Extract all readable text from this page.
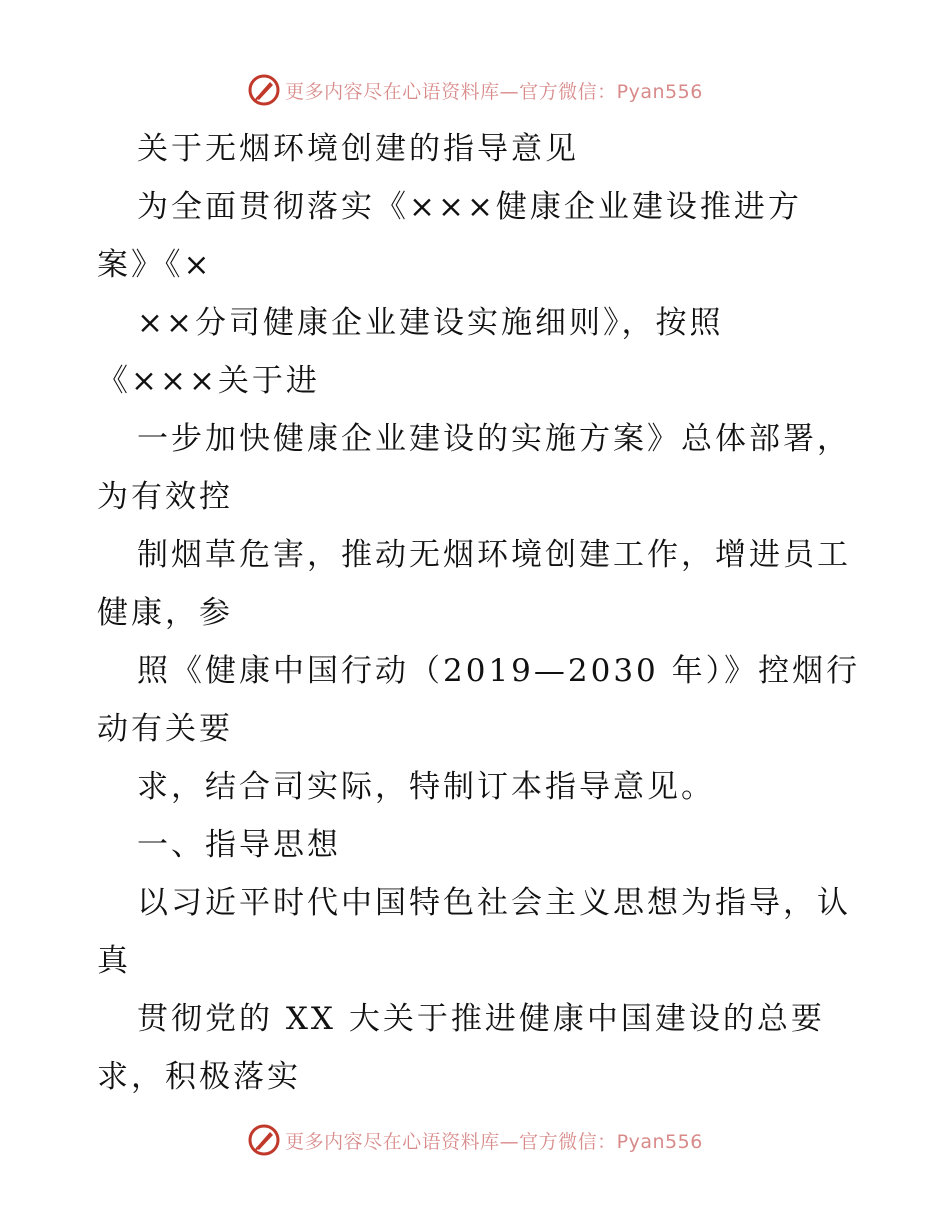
更多内容尽在心语资料库—官方微信：Pyan556
关于无烟环境创建的指导意见
为全面贯彻落实《×××健康企业建设推进方
案》《×
××分司健康企业建设实施细则》，按照
《×××关于进
一步加快健康企业建设的实施方案》总体部署，
为有效控
制烟草危害，推动无烟环境创建工作，增进员工
健康，参
照《健康中国行动（2019—2030 年）》控烟行
动有关要
求，结合司实际，特制订本指导意见。
一、指导思想
以习近平时代中国特色社会主义思想为指导，认
真
贯彻党的 XX 大关于推进健康中国建设的总要
求，积极落实
更多内容尽在心语资料库—官方微信：Pyan556
